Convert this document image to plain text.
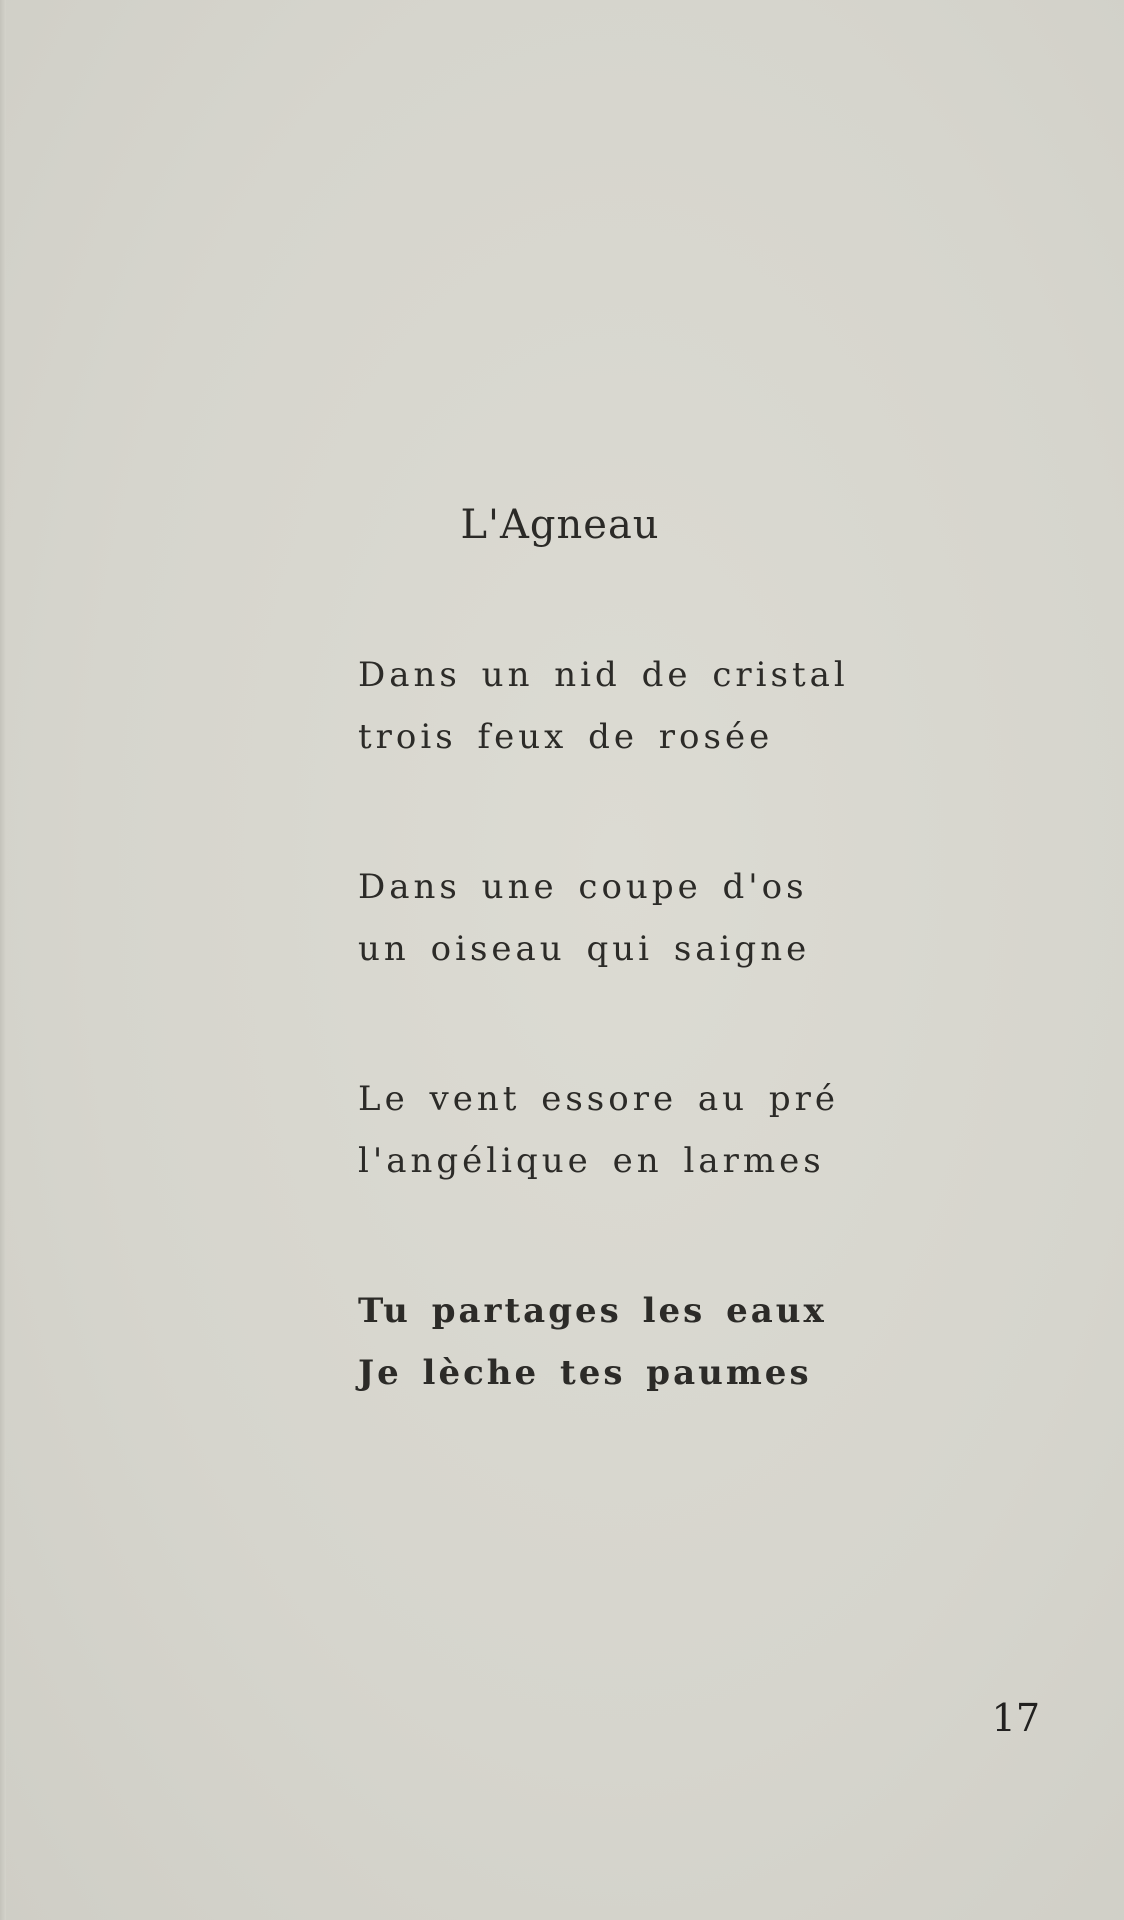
L'Agneau
Dans un nid de cristal
trois feux de rosée
Dans une coupe d'os
un oiseau qui saigne
Le vent essore au pré
l'angélique en larmes
Tu partages les eaux
Je lèche tes paumes
17
